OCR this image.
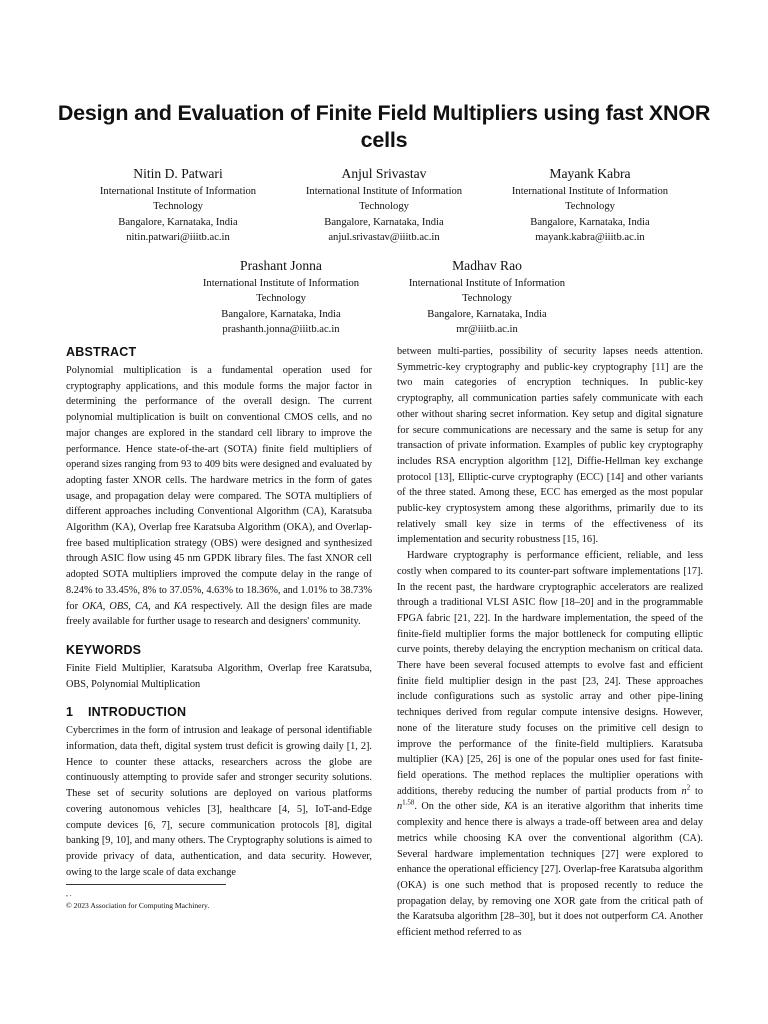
Design and Evaluation of Finite Field Multipliers using fast XNOR cells
Nitin D. Patwari
International Institute of Information
Technology
Bangalore, Karnataka, India
nitin.patwari@iiitb.ac.in
Anjul Srivastav
International Institute of Information
Technology
Bangalore, Karnataka, India
anjul.srivastav@iiitb.ac.in
Mayank Kabra
International Institute of Information
Technology
Bangalore, Karnataka, India
mayank.kabra@iiitb.ac.in
Prashant Jonna
International Institute of Information
Technology
Bangalore, Karnataka, India
prashanth.jonna@iiitb.ac.in
Madhav Rao
International Institute of Information
Technology
Bangalore, Karnataka, India
mr@iiitb.ac.in
ABSTRACT

Polynomial multiplication is a fundamental operation used for cryptography applications, and this module forms the major factor in determining the performance of the overall design. The current polynomial multiplication is built on conventional CMOS cells, and no major changes are explored in the standard cell library to improve the performance. Hence state-of-the-art (SOTA) finite field multipliers of operand sizes ranging from 93 to 409 bits were designed and evaluated by adopting faster XNOR cells. The hardware metrics in the form of gates usage, and propagation delay were compared. The SOTA multipliers of different approaches including Conventional Algorithm (CA), Karatsuba Algorithm (KA), Overlap free Karatsuba Algorithm (OKA), and Overlap-free based multiplication strategy (OBS) were designed and synthesized through ASIC flow using 45 nm GPDK library files. The fast XNOR cell adopted SOTA multipliers improved the compute delay in the range of 8.24% to 33.45%, 8% to 37.05%, 4.63% to 18.36%, and 1.01% to 38.73% for OKA, OBS, CA, and KA respectively. All the design files are made freely available for further usage to research and designers' community.

KEYWORDS

Finite Field Multiplier, Karatsuba Algorithm, Overlap free Karatsuba, OBS, Polynomial Multiplication

1 INTRODUCTION

Cybercrimes in the form of intrusion and leakage of personal identifiable information, data theft, digital system trust deficit is growing daily [1, 2]. Hence to counter these attacks, researchers across the globe are continuously attempting to provide safer and stronger security solutions. These set of security solutions are deployed on various platforms covering autonomous vehicles [3], healthcare [4, 5], IoT-and-Edge compute devices [6, 7], secure communication protocols [8], digital banking [9, 10], and many others. The Cryptography solutions is aimed to provide privacy of data, authentication, and data security. However, owing to the large scale of data exchange

between multi-parties, possibility of security lapses needs attention. Symmetric-key cryptography and public-key cryptography [11] are the two main categories of encryption techniques. In public-key cryptography, all communication parties safely communicate with each other without sharing secret information. Key setup and digital signature for secure communications are necessary and the same is setup for any transaction of private information. Examples of public key cryptography includes RSA encryption algorithm [12], Diffie-Hellman key exchange protocol [13], Elliptic-curve cryptography (ECC) [14] and other variants of the three stated. Among these, ECC has emerged as the most popular public-key cryptosystem among these algorithms, primarily due to its relatively small key size in terms of the effectiveness of its implementation and security robustness [15, 16].

Hardware cryptography is performance efficient, reliable, and less costly when compared to its counter-part software implementations [17]. In the recent past, the hardware cryptographic accelerators are realized through a traditional VLSI ASIC flow [18–20] and in the programmable FPGA fabric [21, 22]. In the hardware implementation, the speed of the finite-field multiplier forms the major bottleneck for computing elliptic curve points, thereby delaying the encryption mechanism on critical data. There have been several focused attempts to evolve fast and efficient finite field multiplier design in the past [23, 24]. These approaches include configurations such as systolic array and other pipe-lining techniques derived from regular compute intensive designs. However, none of the literature study focuses on the primitive cell design to improve the performance of the finite-field multipliers. Karatsuba multiplier (KA) [25, 26] is one of the popular ones used for fast finite-field operations. The method replaces the multiplier operations with additions, thereby reducing the number of partial products from $n^2$ to $n^{1.58}$. On the other side, KA is an iterative algorithm that inherits time complexity and hence there is always a trade-off between area and delay metrics while choosing KA over the conventional algorithm (CA). Several hardware implementation techniques [27] were explored to enhance the operational efficiency [27]. Overlap-free Karatsuba algorithm (OKA) is one such method that is proposed recently to reduce the propagation delay, by removing one XOR gate from the critical path of the Karatsuba algorithm [28–30], but it does not outperform CA. Another efficient method referred to as

, .
© 2023 Association for Computing Machinery.
